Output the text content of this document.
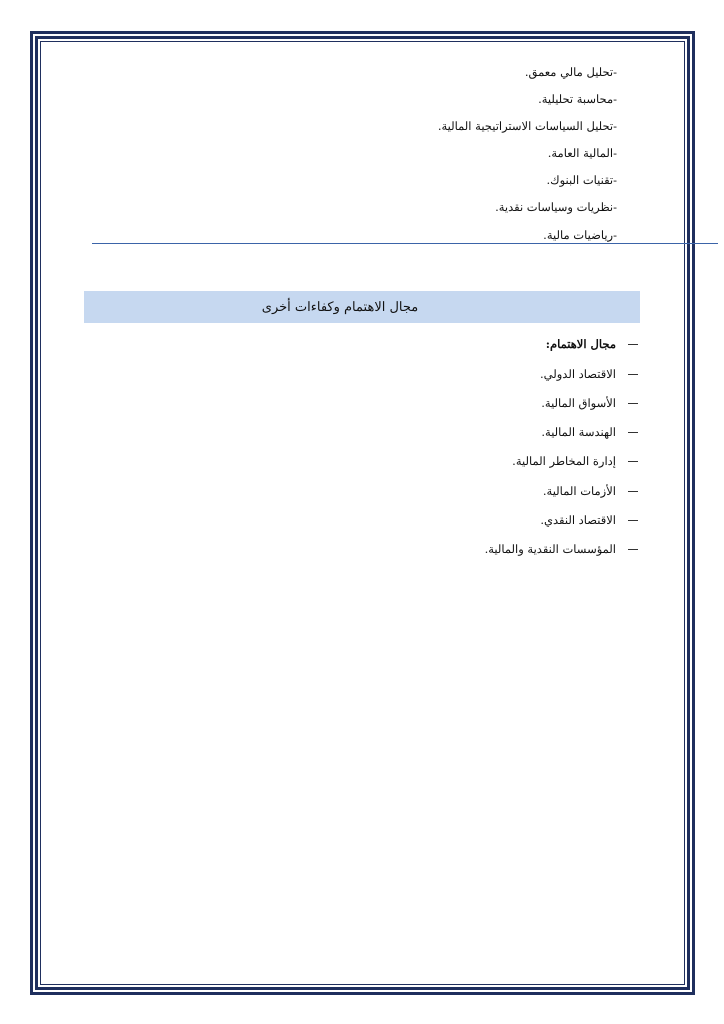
-تحليل مالي معمق.
-محاسبة تحليلية.
-تحليل السياسات الاستراتيجية المالية.
-المالية العامة.
-تقنيات البنوك.
-نظريات وسياسات نقدية.
-رياضيات مالية.
مجال الاهتمام وكفاءات أخرى
مجال الاهتمام:
الاقتصاد الدولي.
الأسواق المالية.
الهندسة المالية.
إدارة المخاطر المالية.
الأزمات المالية.
الاقتصاد النقدي.
المؤسسات النقدية والمالية.
